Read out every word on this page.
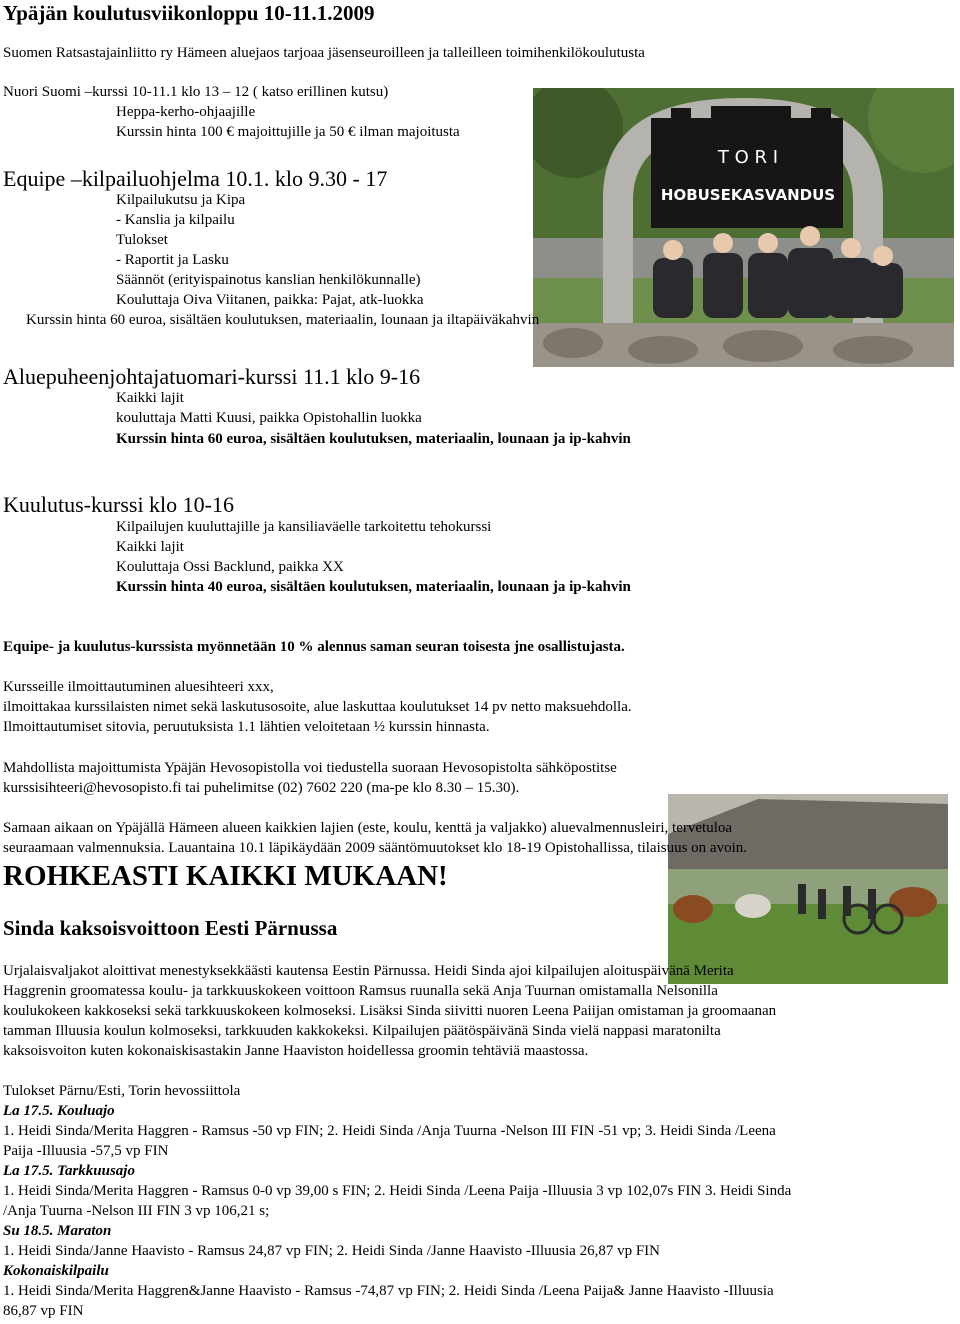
T O R I
HOBUSEKASVANDUS
Ypäjän koulutusviikonloppu 10-11.1.2009
Suomen Ratsastajainliitto ry Hämeen aluejaos tarjoaa jäsenseuroilleen ja talleilleen toimihenkilökoulutusta
Nuori Suomi –kurssi 10-11.1 klo 13 – 12 ( katso erillinen kutsu)
Heppa-kerho-ohjaajille
Kurssin hinta 100 € majoittujille ja 50 € ilman majoitusta
Equipe –kilpailuohjelma 10.1. klo 9.30 - 17
Kilpailukutsu ja Kipa
- Kanslia ja kilpailu
Tulokset
- Raportit ja Lasku
Säännöt (erityispainotus kanslian henkilökunnalle)
Kouluttaja Oiva Viitanen, paikka: Pajat, atk-luokka
Kurssin hinta 60 euroa, sisältäen koulutuksen, materiaalin, lounaan ja iltapäiväkahvin
Aluepuheenjohtajatuomari-kurssi 11.1 klo 9-16
Kaikki lajit
kouluttaja Matti Kuusi, paikka Opistohallin luokka
Kurssin hinta 60 euroa, sisältäen koulutuksen, materiaalin, lounaan ja ip-kahvin
Kuulutus-kurssi klo 10-16
Kilpailujen kuuluttajille ja kansiliaväelle tarkoitettu tehokurssi
Kaikki lajit
Kouluttaja Ossi Backlund, paikka XX
Kurssin hinta 40 euroa, sisältäen koulutuksen, materiaalin, lounaan ja ip-kahvin
Equipe- ja kuulutus-kurssista myönnetään 10 % alennus saman seuran toisesta jne osallistujasta.
Kursseille ilmoittautuminen aluesihteeri xxx,
ilmoittakaa kurssilaisten nimet sekä laskutusosoite, alue laskuttaa koulutukset 14 pv netto maksuehdolla.
Ilmoittautumiset sitovia, peruutuksista 1.1 lähtien veloitetaan ½ kurssin hinnasta.
Mahdollista majoittumista Ypäjän Hevosopistolla voi tiedustella suoraan Hevosopistolta sähköpostitse
kurssisihteeri@hevosopisto.fi tai puhelimitse (02) 7602 220 (ma-pe klo 8.30 – 15.30).
Samaan aikaan on Ypäjällä Hämeen alueen kaikkien lajien (este, koulu, kenttä ja valjakko) aluevalmennusleiri, tervetuloa
seuraamaan valmennuksia. Lauantaina 10.1 läpikäydään 2009 sääntömuutokset klo 18-19 Opistohallissa, tilaisuus on avoin.
ROHKEASTI KAIKKI MUKAAN!
Sinda kaksoisvoittoon Eesti Pärnussa
Urjalaisvaljakot aloittivat menestyksekkäästi kautensa Eestin Pärnussa. Heidi Sinda ajoi kilpailujen aloituspäivänä Merita
Haggrenin groomatessa koulu- ja tarkkuuskokeen voittoon Ramsus ruunalla sekä Anja Tuurnan omistamalla Nelsonilla
koulukokeen kakkoseksi sekä tarkkuuskokeen kolmoseksi. Lisäksi Sinda siivitti nuoren Leena Paiijan omistaman ja groomaanan
tamman Illuusia koulun kolmoseksi, tarkkuuden kakkokeksi. Kilpailujen päätöspäivänä Sinda vielä nappasi maratonilta
kaksoisvoiton kuten kokonaiskisastakin Janne Haaviston hoidellessa groomin tehtäviä maastossa.
Tulokset Pärnu/Esti, Torin hevossiittola
La 17.5. Kouluajo
1. Heidi Sinda/Merita Haggren - Ramsus -50 vp FIN; 2. Heidi Sinda /Anja Tuurna -Nelson III FIN -51 vp; 3. Heidi Sinda /Leena
Paija -Illuusia -57,5 vp FIN
La 17.5. Tarkkuusajo
1. Heidi Sinda/Merita Haggren - Ramsus 0-0 vp 39,00 s FIN; 2. Heidi Sinda /Leena Paija -Illuusia 3 vp 102,07s FIN 3. Heidi Sinda
/Anja Tuurna -Nelson III FIN 3 vp 106,21 s;
Su 18.5. Maraton
1. Heidi Sinda/Janne Haavisto - Ramsus 24,87 vp FIN; 2. Heidi Sinda /Janne Haavisto -Illuusia 26,87 vp FIN
Kokonaiskilpailu
1. Heidi Sinda/Merita Haggren&Janne Haavisto - Ramsus -74,87 vp FIN; 2. Heidi Sinda /Leena Paija& Janne Haavisto -Illuusia
86,87 vp FIN
